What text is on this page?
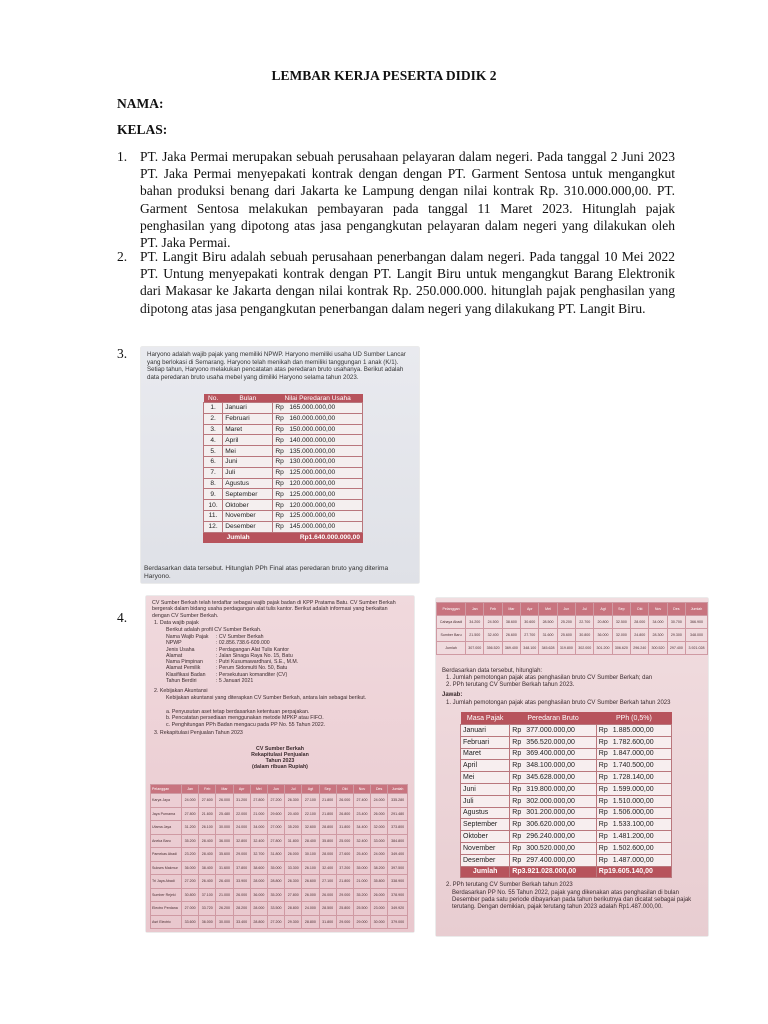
LEMBAR KERJA PESERTA DIDIK 2
NAMA:
KELAS:
1. PT. Jaka Permai merupakan sebuah perusahaan pelayaran dalam negeri. Pada tanggal 2 Juni 2023 PT. Jaka Permai menyepakati kontrak dengan dengan PT. Garment Sentosa untuk mengangkut bahan produksi benang dari Jakarta ke Lampung dengan nilai kontrak Rp. 310.000.000,00. PT. Garment Sentosa melakukan pembayaran pada tanggal 11 Maret 2023. Hitunglah pajak penghasilan yang dipotong atas jasa pengangkutan pelayaran dalam negeri yang dilakukan oleh PT. Jaka Permai.
2. PT. Langit Biru adalah sebuah perusahaan penerbangan dalam negeri. Pada tanggal 10 Mei 2022 PT. Untung menyepakati kontrak dengan PT. Langit Biru untuk mengangkut Barang Elektronik dari Makasar ke Jakarta dengan nilai kontrak Rp. 250.000.000. hitunglah pajak penghasilan yang dipotong atas jasa pengangkutan penerbangan dalam negeri yang dilakukang PT. Langit Biru.
3.
4.
Haryono adalah wajib pajak yang memiliki NPWP. Haryono memiliki usaha UD Sumber Lancar yang berlokasi di Semarang. Haryono telah menikah dan memiliki tanggungan 1 anak (K/1). Setiap tahun, Haryono melakukan pencatatan atas peredaran bruto usahanya. Berikut adalah data peredaran bruto usaha mebel yang dimiliki Haryono selama tahun 2023.
No.	Bulan	Nilai Peredaran Usaha	
1.	Januari	Rp	165.000.000,00
2.	Februari	Rp	160.000.000,00
3.	Maret	Rp	150.000.000,00
4.	April	Rp	140.000.000,00
5.	Mei	Rp	135.000.000,00
6.	Juni	Rp	130.000.000,00
7.	Juli	Rp	125.000.000,00
8.	Agustus	Rp	120.000.000,00
9.	September	Rp	125.000.000,00
10.	Oktober	Rp	120.000.000,00
11.	November	Rp	125.000.000,00
12.	Desember	Rp	145.000.000,00
Jumlah		Rp1.640.000.000,00	
Berdasarkan data tersebut. Hitunglah PPh Final atas peredaran bruto yang diterima Haryono.
CV Sumber Berkah telah terdaftar sebagai wajib pajak badan di KPP Pratama Batu. CV Sumber Berkah bergerak dalam bidang usaha perdagangan alat tulis kantor. Berikut adalah informasi yang berkaitan dengan CV Sumber Berkah.
1. Data wajib pajak
Berikut adalah profil CV Sumber Berkah.
Nama Wajib Pajak : CV Sumber Berkah
NPWP	: 02.856.738.6-609.000
Jenis Usaha	: Perdagangan Alat Tulis Kantor
Alamat	: Jalan Sinaga Raya No. 15, Batu
Nama Pimpinan	: Putri Kusumawardhani, S.E., M.M.
Alamat Pemilik	: Perum Sidomulti No. 50, Batu
Klasifikasi Badan : Persekutuan komanditer (CV)
Tahun Berdiri	: 5 Januari 2021
2. Kebijakan Akuntansi
Kebijakan akuntansi yang diterapkan CV Sumber Berkah, antara lain sebagai berikut.
a. Penyusutan aset tetap berdasarkan ketentuan perpajakan.
b. Pencatatan persediaan menggunakan metode MPKP atau FIFO.
c. Penghitungan PPh Badan mengacu pada PP No. 55 Tahun 2022.
3. Rekapitulasi Penjualan Tahun 2023
CV Sumber Berkah
Rekapitulasi Penjualan
Tahun 2023
(dalam ribuan Rupiah)
Pelanggan	Jan	Feb	Mar	Apr	Mei	Jun	Jul	Agt	Sep	Okt	Nov	Des	Jumlah
Karya Jaya	24.000	27.600	26.000	31.200	27.800	27.200	26.300	27.100	21.800	26.000	27.400	24.000	335.280
Jaya Purnama	27.800	21.600	25.480	22.000	21.000	29.600	20.400	22.100	21.800	26.800	23.400	26.000	291.480
Utama Jaya	31.200	26.100	30.000	24.000	34.000	27.000	35.200	32.600	28.800	31.800	34.400	32.000	373.800
Aneka Baru	35.200	28.400	36.000	32.800	32.400	27.800	31.800	28.400	35.800	25.000	32.400	33.000	384.800
Pamekas Abadi	23.200	28.400	35.600	29.000	32.700	31.800	26.000	30.100	28.000	27.600	25.400	24.000	349.400
Sukses Makmur	36.000	38.400	31.600	37.800	38.600	35.000	33.300	26.100	32.400	37.200	35.000	38.200	397.500
Tri Jaya Abadi	27.200	26.400	26.400	33.900	28.000	28.800	26.300	26.600	27.100	21.800	21.000	35.800	338.900
Sumber Rejeki	30.800	37.100	21.000	26.000	36.000	35.200	27.800	26.000	26.000	29.000	35.200	26.000	378.900
Electro Perdana	27.000	33.720	26.200	28.200	28.000	33.500	28.800	24.000	28.500	25.800	25.500	23.000	349.920
Asri Electric	33.600	36.000	30.000	33.400	28.800	27.200	29.300	28.800	31.800	29.000	29.000	30.000	379.000
Pelanggan	Jan	Feb	Mar	Apr	Mei	Jun	Jul	Agt	Sep	Okt	Nov	Des	Jumlah
Cahaya Abadi	34.200	24.500	38.600	30.600	28.500	25.200	22.700	20.800	32.500	28.000	34.000	30.700	366.900
Sumber Baru	21.500	32.400	26.600	27.700	31.600	25.600	30.800	36.000	32.000	24.800	28.300	29.300	348.000
Jumlah	307.000	356.520	369.400	348.100	345.628	319.800	302.000	301.200	306.620	296.240	300.520	297.400	3.921.028
Berdasarkan data tersebut, hitunglah:
1. Jumlah pemotongan pajak atas penghasilan bruto CV Sumber Berkah; dan
2. PPh terutang CV Sumber Berkah tahun 2023.
Jawab:
1. Jumlah pemotongan pajak atas penghasilan bruto CV Sumber Berkah tahun 2023
Masa Pajak	Peredaran Bruto	PPh (0,5%)
Januari	Rp 377.000.000,00	Rp 1.885.000,00
Februari	Rp 356.520.000,00	Rp 1.782.600,00
Maret	Rp 369.400.000,00	Rp 1.847.000,00
April	Rp 348.100.000,00	Rp 1.740.500,00
Mei	Rp 345.628.000,00	Rp 1.728.140,00
Juni	Rp 319.800.000,00	Rp 1.599.000,00
Juli	Rp 302.000.000,00	Rp 1.510.000,00
Agustus	Rp 301.200.000,00	Rp 1.506.000,00
September	Rp 306.620.000,00	Rp 1.533.100,00
Oktober	Rp 296.240.000,00	Rp 1.481.200,00
November	Rp 300.520.000,00	Rp 1.502.600,00
Desember	Rp 297.400.000,00	Rp 1.487.000,00
Jumlah	Rp3.921.028.000,00	Rp19.605.140,00
2. PPh terutang CV Sumber Berkah tahun 2023
Berdasarkan PP No. 55 Tahun 2022, pajak yang dikenakan atas penghasilan di bulan Desember pada satu periode dibayarkan pada tahun berikutnya dan dicatat sebagai pajak terutang. Dengan demikian, pajak terutang tahun 2023 adalah Rp1.487.000,00.
